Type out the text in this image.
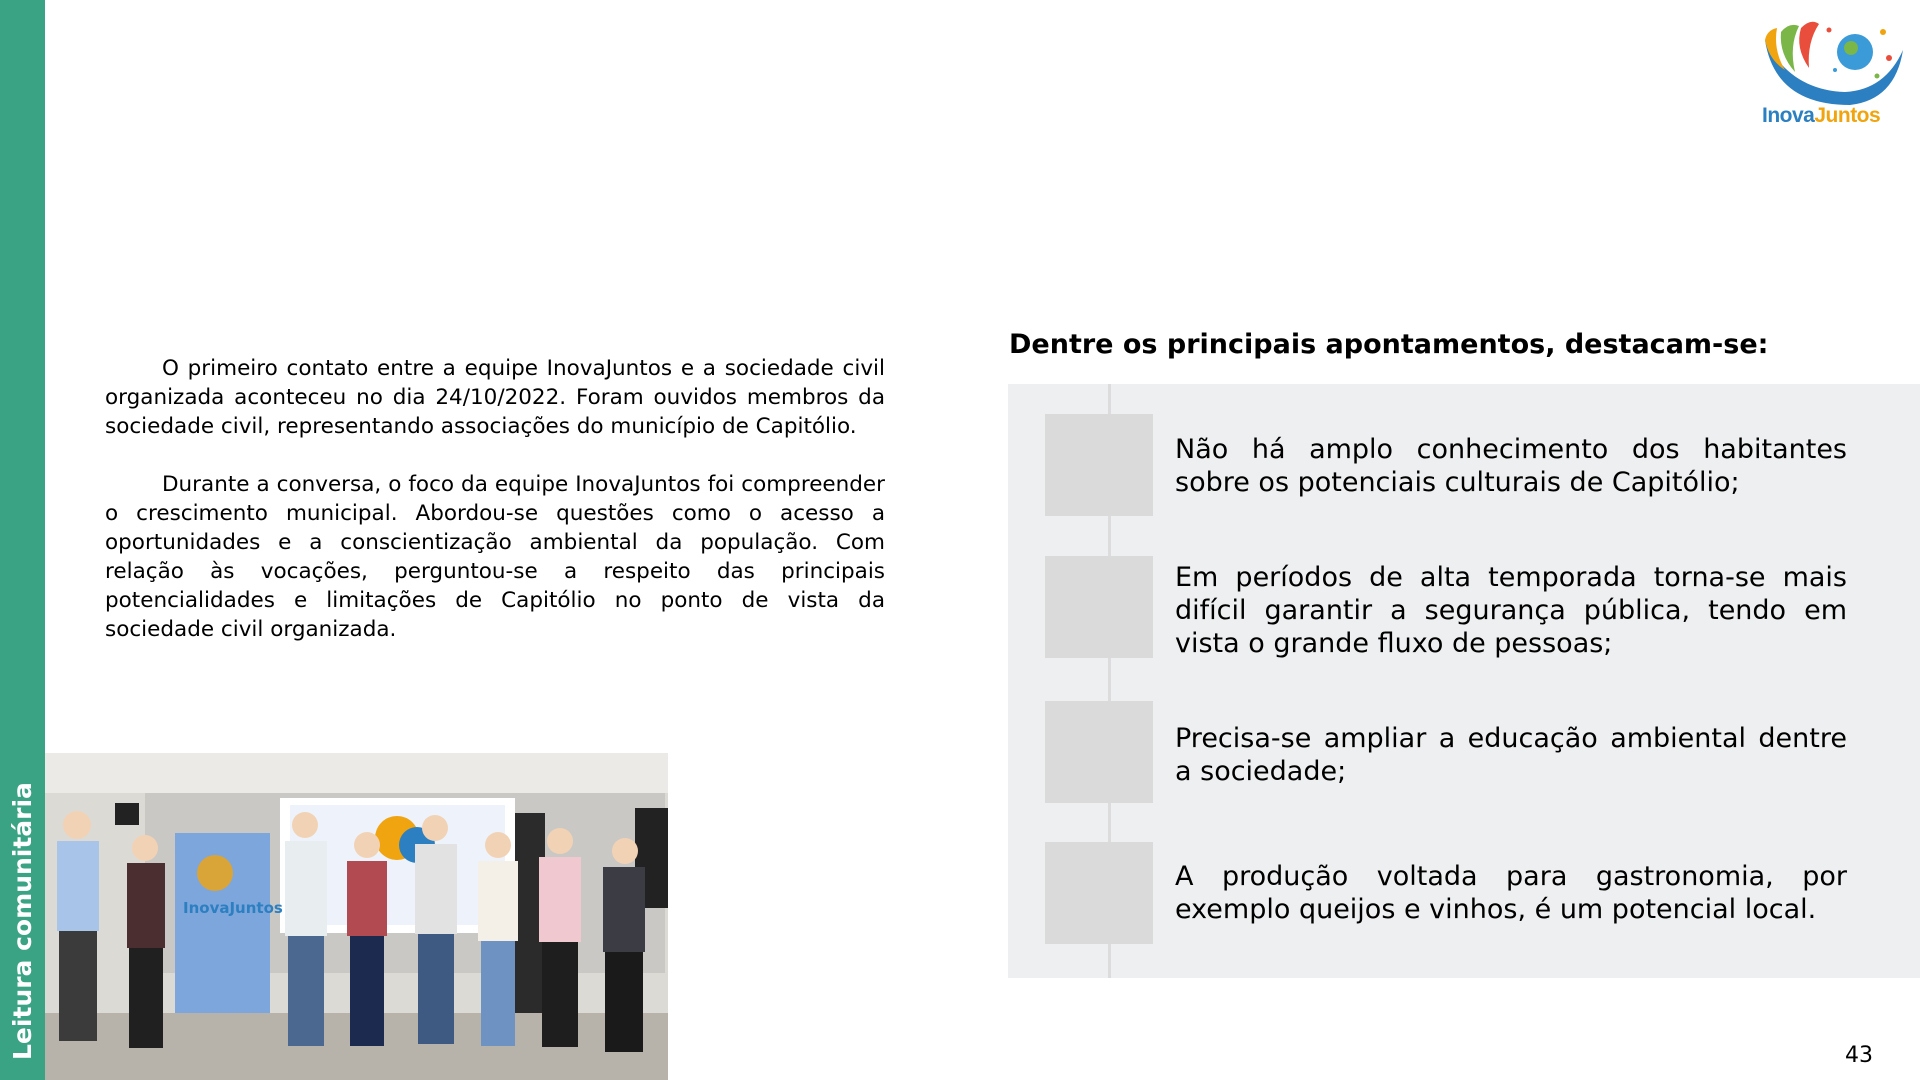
Leitura comunitária
InovaJuntos

O primeiro contato entre a equipe InovaJuntos e a sociedade civil organizada aconteceu no dia 24/10/2022. Foram ouvidos membros da sociedade civil, representando associações do município de Capitólio.

Durante a conversa, o foco da equipe InovaJuntos foi compreender o crescimento municipal. Abordou-se questões como o acesso a oportunidades e a conscientização ambiental da população. Com relação às vocações, perguntou-se a respeito das principais potencialidades e limitações de Capitólio no ponto de vista da sociedade civil organizada.

InovaJuntos
Dentre os principais apontamentos, destacam-se:
Não há amplo conhecimento dos habitantes sobre os potenciais culturais de Capitólio;
Em períodos de alta temporada torna-se mais difícil garantir a segurança pública, tendo em vista o grande fluxo de pessoas;
Precisa-se ampliar a educação ambiental dentre a sociedade;
A produção voltada para gastronomia, por exemplo queijos e vinhos, é um potencial local.
43
